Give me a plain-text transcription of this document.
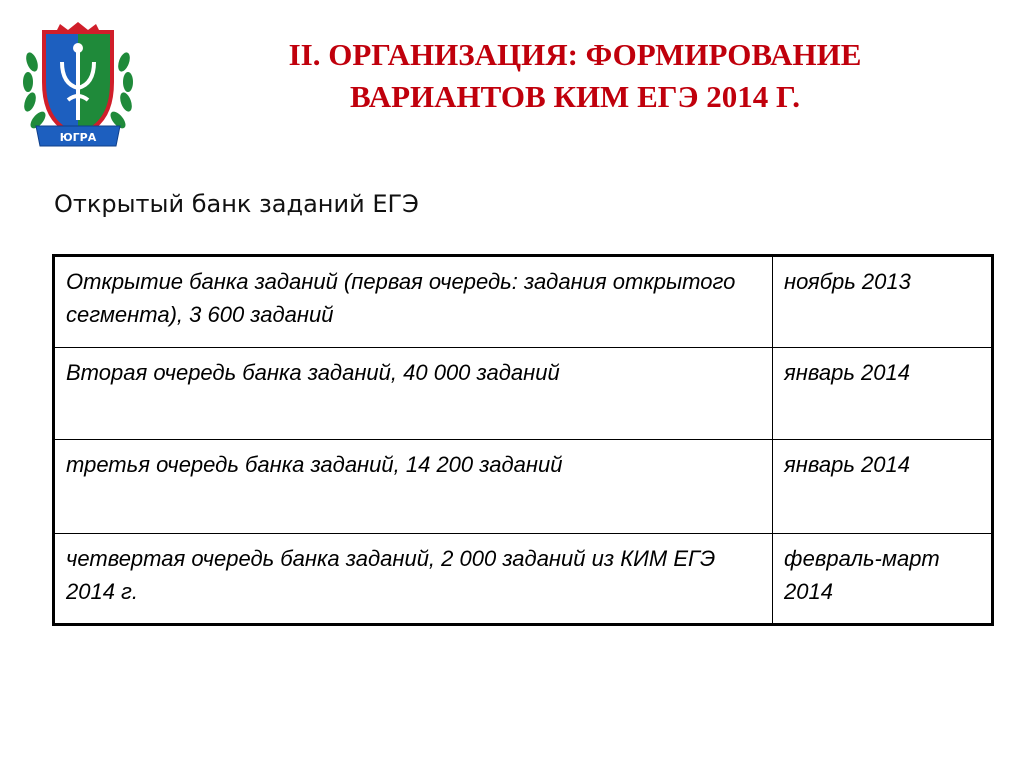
ЮГРА
II. ОРГАНИЗАЦИЯ: ФОРМИРОВАНИЕ
ВАРИАНТОВ КИМ ЕГЭ 2014 Г.
Открытый банк заданий ЕГЭ
Открытие банка заданий (первая очередь: задания открытого сегмента), 3 600 заданий	ноябрь 2013
Вторая очередь банка заданий, 40 000 заданий	январь 2014
третья очередь банка заданий, 14 200 заданий	январь 2014
четвертая очередь банка заданий, 2 000 заданий из КИМ ЕГЭ 2014 г.	февраль-март 2014
